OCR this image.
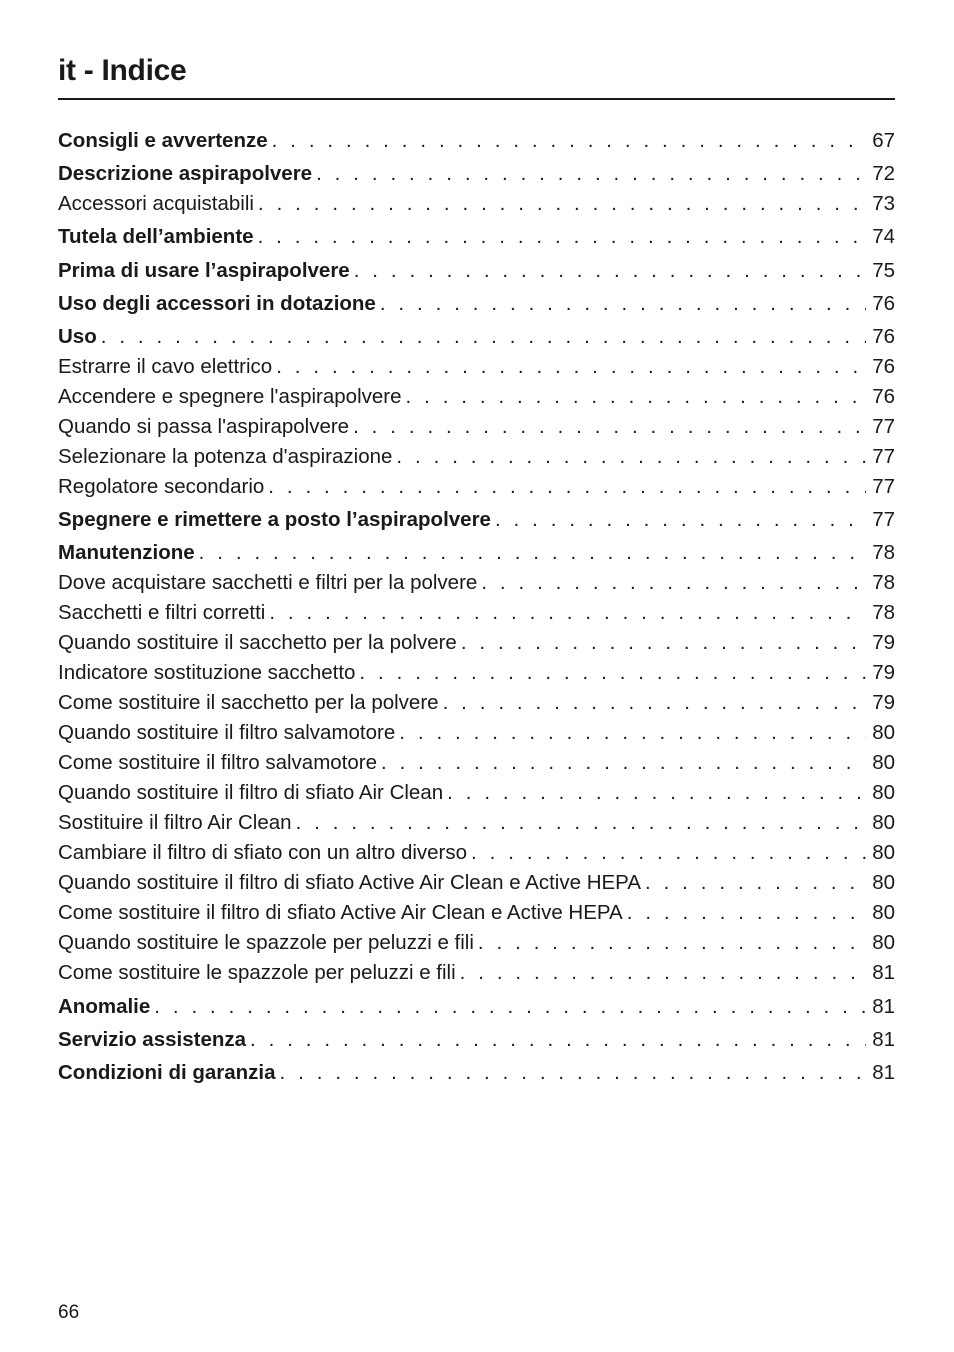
it - Indice
Consigli e avvertenze . . .	67
Descrizione aspirapolvere . . .	72
Accessori acquistabili . . .	73
Tutela dell’ambiente . . .	74
Prima di usare l’aspirapolvere . . .	75
Uso degli accessori in dotazione . . .	76
Uso . . .	76
Estrarre il cavo elettrico . . .	76
Accendere e spegnere l'aspirapolvere . . .	76
Quando si passa l'aspirapolvere . . .	77
Selezionare la potenza d'aspirazione . . .	77
Regolatore secondario . . .	77
Spegnere e rimettere a posto l’aspirapolvere . . .	77
Manutenzione . . .	78
Dove acquistare sacchetti e filtri per la polvere . . .	78
Sacchetti e filtri corretti . . .	78
Quando sostituire il sacchetto per la polvere . . .	79
Indicatore sostituzione sacchetto . . .	79
Come sostituire il sacchetto per la polvere . . .	79
Quando sostituire il filtro salvamotore . . .	80
Come sostituire il filtro salvamotore . . .	80
Quando sostituire il filtro di sfiato Air Clean . . .	80
Sostituire il filtro Air Clean . . .	80
Cambiare il filtro di sfiato con un altro diverso . . .	80
Quando sostituire il filtro di sfiato Active Air Clean e Active HEPA . . .	80
Come sostituire il filtro di sfiato Active Air Clean e Active HEPA . . .	80
Quando sostituire le spazzole per peluzzi e fili . . .	80
Come sostituire le spazzole per peluzzi e fili . . .	81
Anomalie . . .	81
Servizio assistenza . . .	81
Condizioni di garanzia . . .	81
66
